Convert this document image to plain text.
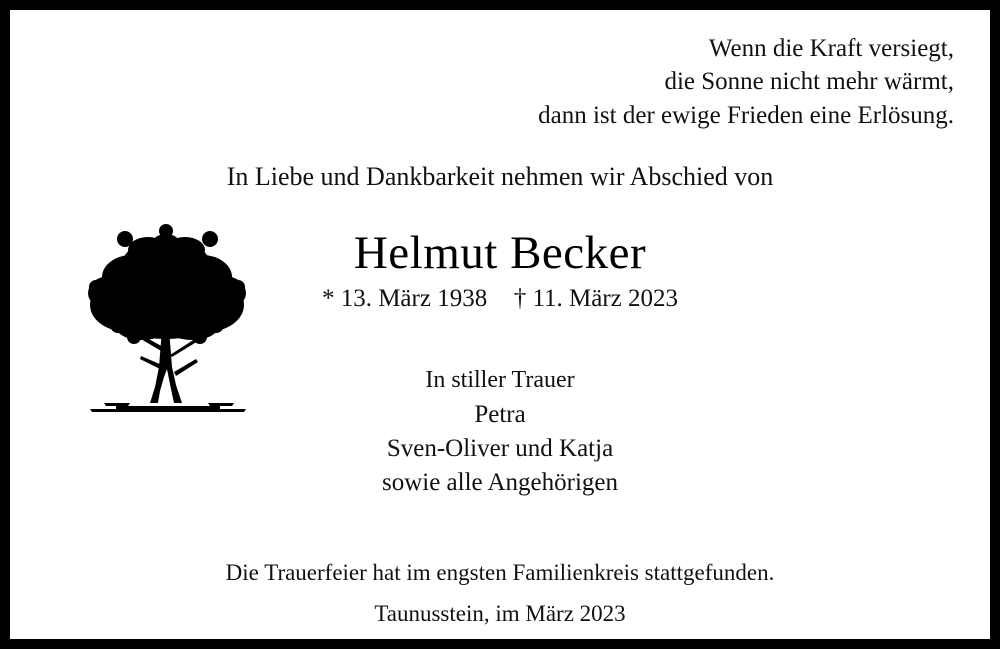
Wenn die Kraft versiegt,
die Sonne nicht mehr wärmt,
dann ist der ewige Frieden eine Erlösung.
In Liebe und Dankbarkeit nehmen wir Abschied von
Helmut Becker
* 13. März 1938 † 11. März 2023
In stiller Trauer
Petra
Sven-Oliver und Katja
sowie alle Angehörigen
Die Trauerfeier hat im engsten Familienkreis stattgefunden.
Taunusstein, im März 2023
